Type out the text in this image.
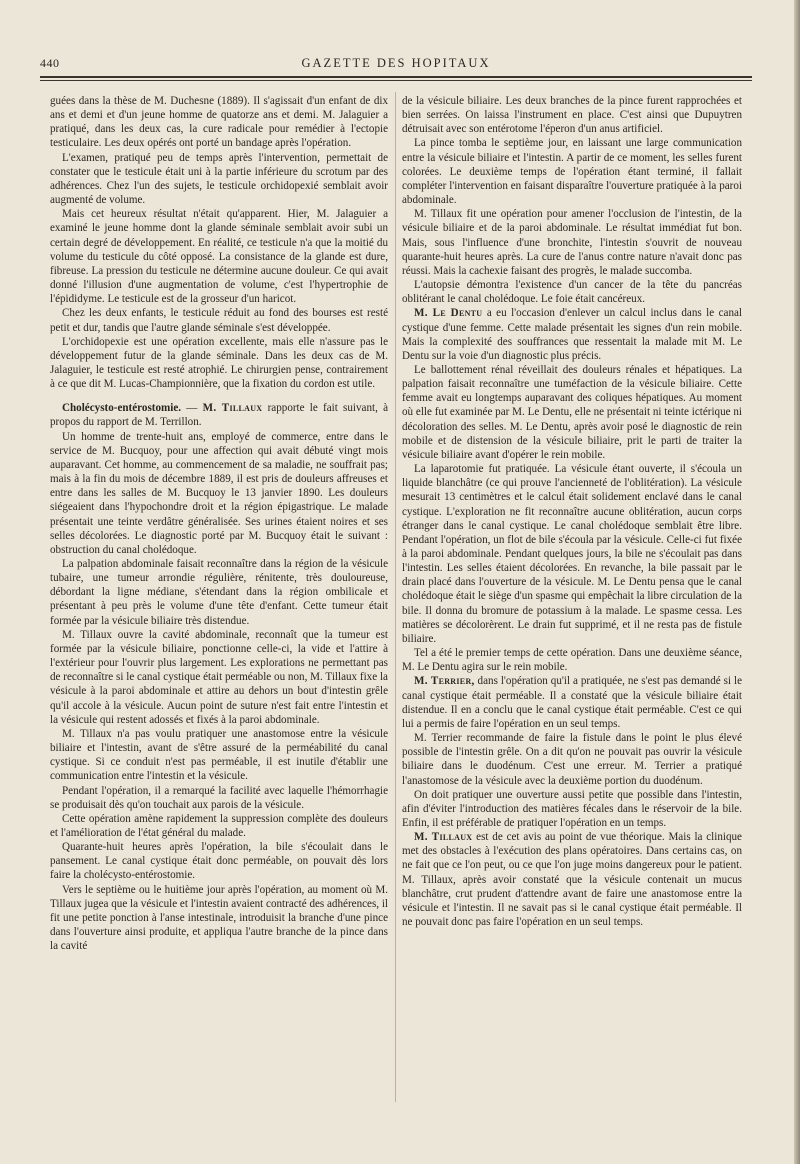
440	GAZETTE DES HOPITAUX

guées dans la thèse de M. Duchesne (1889). Il s'agissait d'un enfant de dix ans et demi et d'un jeune homme de quatorze ans et demi. M. Jalaguier a pratiqué, dans les deux cas, la cure radicale pour remédier à l'ectopie testiculaire. Les deux opérés ont porté un bandage après l'opération.

L'examen, pratiqué peu de temps après l'intervention, permettait de constater que le testicule était uni à la partie inférieure du scrotum par des adhérences. Chez l'un des sujets, le testicule orchidopexié semblait avoir augmenté de volume.

Mais cet heureux résultat n'était qu'apparent. Hier, M. Jalaguier a examiné le jeune homme dont la glande séminale semblait avoir subi un certain degré de développement. En réalité, ce testicule n'a que la moitié du volume du testicule du côté opposé. La consistance de la glande est dure, fibreuse. La pression du testicule ne détermine aucune douleur. Ce qui avait donné l'illusion d'une augmentation de volume, c'est l'hypertrophie de l'épididyme. Le testicule est de la grosseur d'un haricot.

Chez les deux enfants, le testicule réduit au fond des bourses est resté petit et dur, tandis que l'autre glande séminale s'est développée.

L'orchidopexie est une opération excellente, mais elle n'assure pas le développement futur de la glande séminale. Dans les deux cas de M. Jalaguier, le testicule est resté atrophié. Le chirurgien pense, contrairement à ce que dit M. Lucas-Championnière, que la fixation du cordon est utile.

Cholécysto-entérostomie. — M. Tillaux rapporte le fait suivant, à propos du rapport de M. Terrillon.

Un homme de trente-huit ans, employé de commerce, entre dans le service de M. Bucquoy, pour une affection qui avait débuté vingt mois auparavant. Cet homme, au commencement de sa maladie, ne souffrait pas; mais à la fin du mois de décembre 1889, il est pris de douleurs affreuses et entre dans les salles de M. Bucquoy le 13 janvier 1890. Les douleurs siégeaient dans l'hypochondre droit et la région épigastrique. Le malade présentait une teinte verdâtre généralisée. Ses urines étaient noires et ses selles décolorées. Le diagnostic porté par M. Bucquoy était le suivant : obstruction du canal cholédoque.

La palpation abdominale faisait reconnaître dans la région de la vésicule tubaire, une tumeur arrondie régulière, rénitente, très douloureuse, débordant la ligne médiane, s'étendant dans la région ombilicale et présentant à peu près le volume d'une tête d'enfant. Cette tumeur était formée par la vésicule biliaire très distendue.

M. Tillaux ouvre la cavité abdominale, reconnaît que la tumeur est formée par la vésicule biliaire, ponctionne celle-ci, la vide et l'attire à l'extérieur pour l'ouvrir plus largement. Les explorations ne permettant pas de reconnaître si le canal cystique était perméable ou non, M. Tillaux fixe la vésicule à la paroi abdominale et attire au dehors un bout d'intestin grêle qu'il accole à la vésicule. Aucun point de suture n'est fait entre l'intestin et la vésicule qui restent adossés et fixés à la paroi abdominale.

M. Tillaux n'a pas voulu pratiquer une anastomose entre la vésicule biliaire et l'intestin, avant de s'être assuré de la perméabilité du canal cystique. Si ce conduit n'est pas perméable, il est inutile d'établir une communication entre l'intestin et la vésicule.

Pendant l'opération, il a remarqué la facilité avec laquelle l'hémorrhagie se produisait dès qu'on touchait aux parois de la vésicule.

Cette opération amène rapidement la suppression complète des douleurs et l'amélioration de l'état général du malade.

Quarante-huit heures après l'opération, la bile s'écoulait dans le pansement. Le canal cystique était donc perméable, on pouvait dès lors faire la cholécysto-entérostomie.

Vers le septième ou le huitième jour après l'opération, au moment où M. Tillaux jugea que la vésicule et l'intestin avaient contracté des adhérences, il fit une petite ponction à l'anse intestinale, introduisit la branche d'une pince dans l'ouverture ainsi produite, et appliqua l'autre branche de la pince dans la cavité

de la vésicule biliaire. Les deux branches de la pince furent rapprochées et bien serrées. On laissa l'instrument en place. C'est ainsi que Dupuytren détruisait avec son entérotome l'éperon d'un anus artificiel.

La pince tomba le septième jour, en laissant une large communication entre la vésicule biliaire et l'intestin. A partir de ce moment, les selles furent colorées. Le deuxième temps de l'opération étant terminé, il fallait compléter l'intervention en faisant disparaître l'ouverture pratiquée à la paroi abdominale.

M. Tillaux fit une opération pour amener l'occlusion de l'intestin, de la vésicule biliaire et de la paroi abdominale. Le résultat immédiat fut bon. Mais, sous l'influence d'une bronchite, l'intestin s'ouvrit de nouveau quarante-huit heures après. La cure de l'anus contre nature n'avait donc pas réussi. Mais la cachexie faisant des progrès, le malade succomba.

L'autopsie démontra l'existence d'un cancer de la tête du pancréas oblitérant le canal cholédoque. Le foie était cancéreux.

M. Le Dentu a eu l'occasion d'enlever un calcul inclus dans le canal cystique d'une femme. Cette malade présentait les signes d'un rein mobile. Mais la complexité des souffrances que ressentait la malade mit M. Le Dentu sur la voie d'un diagnostic plus précis.

Le ballottement rénal réveillait des douleurs rénales et hépatiques. La palpation faisait reconnaître une tuméfaction de la vésicule biliaire. Cette femme avait eu longtemps auparavant des coliques hépatiques. Au moment où elle fut examinée par M. Le Dentu, elle ne présentait ni teinte ictérique ni décoloration des selles. M. Le Dentu, après avoir posé le diagnostic de rein mobile et de distension de la vésicule biliaire, prit le parti de traiter la vésicule biliaire avant d'opérer le rein mobile.

La laparotomie fut pratiquée. La vésicule étant ouverte, il s'écoula un liquide blanchâtre (ce qui prouve l'ancienneté de l'oblitération). La vésicule mesurait 13 centimètres et le calcul était solidement enclavé dans le canal cystique. L'exploration ne fit reconnaître aucune oblitération, aucun corps étranger dans le canal cystique. Le canal cholédoque semblait être libre. Pendant l'opération, un flot de bile s'écoula par la vésicule. Celle-ci fut fixée à la paroi abdominale. Pendant quelques jours, la bile ne s'écoulait pas dans l'intestin. Les selles étaient décolorées. En revanche, la bile passait par le drain placé dans l'ouverture de la vésicule. M. Le Dentu pensa que le canal cholédoque était le siège d'un spasme qui empêchait la libre circulation de la bile. Il donna du bromure de potassium à la malade. Le spasme cessa. Les matières se décolorèrent. Le drain fut supprimé, et il ne resta pas de fistule biliaire.

Tel a été le premier temps de cette opération. Dans une deuxième séance, M. Le Dentu agira sur le rein mobile.

M. Terrier, dans l'opération qu'il a pratiquée, ne s'est pas demandé si le canal cystique était perméable. Il a constaté que la vésicule biliaire était distendue. Il en a conclu que le canal cystique était perméable. C'est ce qui lui a permis de faire l'opération en un seul temps.

M. Terrier recommande de faire la fistule dans le point le plus élevé possible de l'intestin grêle. On a dit qu'on ne pouvait pas ouvrir la vésicule biliaire dans le duodénum. C'est une erreur. M. Terrier a pratiqué l'anastomose de la vésicule avec la deuxième portion du duodénum.

On doit pratiquer une ouverture aussi petite que possible dans l'intestin, afin d'éviter l'introduction des matières fécales dans le réservoir de la bile. Enfin, il est préférable de pratiquer l'opération en un temps.

M. Tillaux est de cet avis au point de vue théorique. Mais la clinique met des obstacles à l'exécution des plans opératoires. Dans certains cas, on ne fait que ce l'on peut, ou ce que l'on juge moins dangereux pour le patient. M. Tillaux, après avoir constaté que la vésicule contenait un mucus blanchâtre, crut prudent d'attendre avant de faire une anastomose entre la vésicule et l'intestin. Il ne savait pas si le canal cystique était perméable. Il ne pouvait donc pas faire l'opération en un seul temps.
